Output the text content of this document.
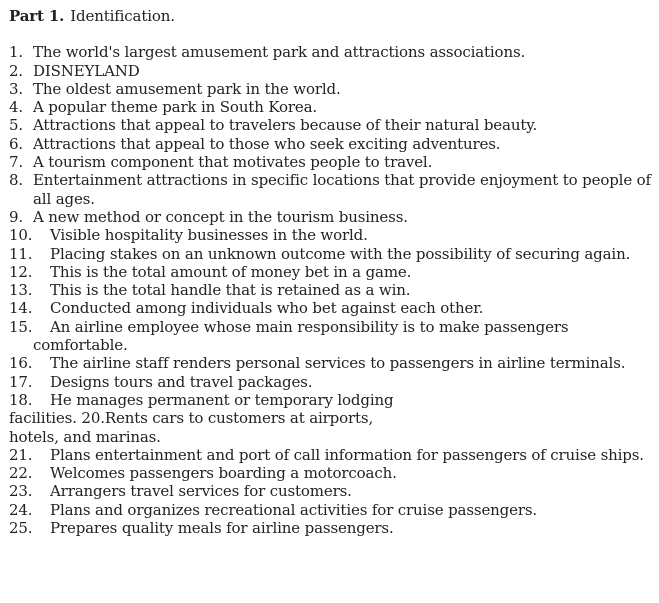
Part 1. Identification.
1. The world's largest amusement park and attractions associations.
2. DISNEYLAND
3. The oldest amusement park in the world.
4. A popular theme park in South Korea.
5. Attractions that appeal to travelers because of their natural beauty.
6. Attractions that appeal to those who seek exciting adventures.
7. A tourism component that motivates people to travel.
8. Entertainment attractions in specific locations that provide enjoyment to people of all ages.
9. A new method or concept in the tourism business.
10. Visible hospitality businesses in the world.
11. Placing stakes on an unknown outcome with the possibility of securing again.
12. This is the total amount of money bet in a game.
13. This is the total handle that is retained as a win.
14. Conducted among individuals who bet against each other.
15. An airline employee whose main responsibility is to make passengers comfortable.
16. The airline staff renders personal services to passengers in airline terminals.
17. Designs tours and travel packages.
18. He manages permanent or temporary lodging
facilities. 20.Rents cars to customers at airports,
hotels, and marinas.
21. Plans entertainment and port of call information for passengers of cruise ships.
22. Welcomes passengers boarding a motorcoach.
23. Arrangers travel services for customers.
24. Plans and organizes recreational activities for cruise passengers.
25. Prepares quality meals for airline passengers.
